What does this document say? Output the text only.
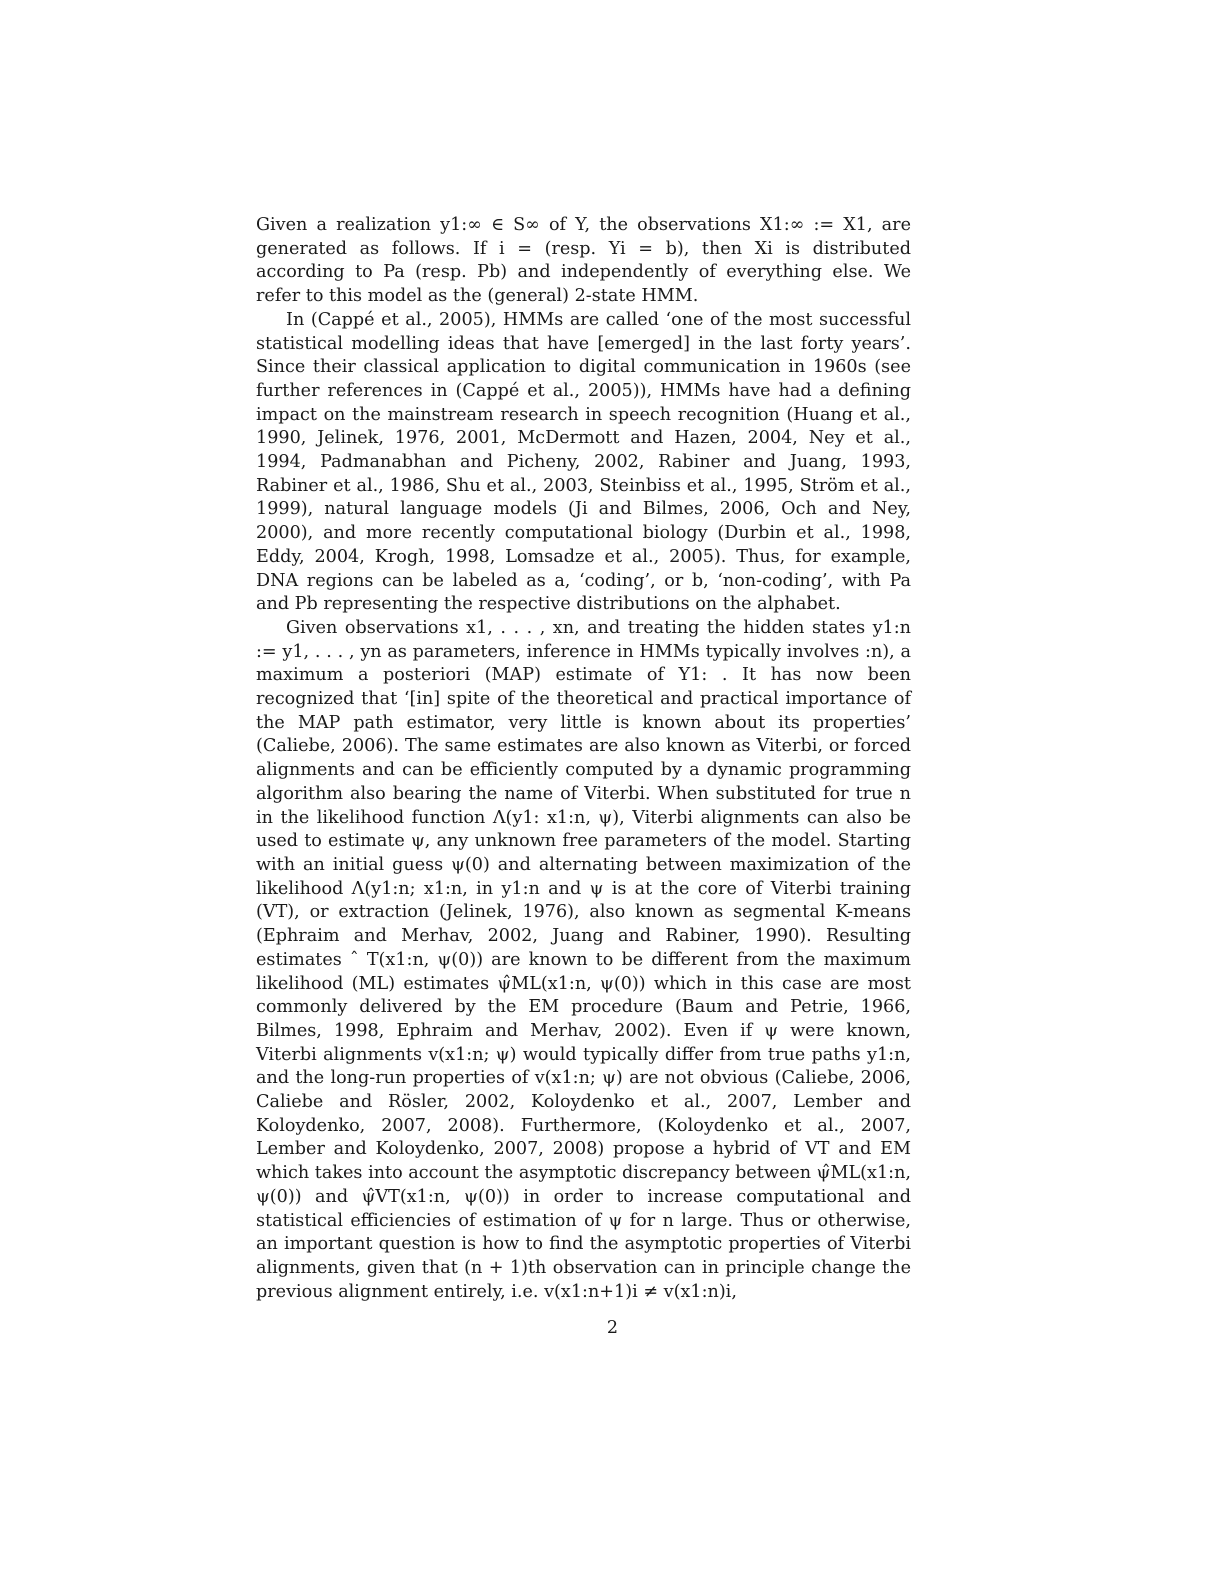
Given a realization y1:∞ ∈ S∞ of Y, the observations X1:∞ := X1, are generated as follows. If i = (resp. Yi = b), then Xi is distributed according to Pa (resp. Pb) and independently of everything else. We refer to this model as the (general) 2-state HMM.

In (Cappé et al., 2005), HMMs are called ‘one of the most successful statistical modelling ideas that have [emerged] in the last forty years’. Since their classical application to digital communication in 1960s (see further references in (Cappé et al., 2005)), HMMs have had a defining impact on the mainstream research in speech recognition (Huang et al., 1990, Jelinek, 1976, 2001, McDermott and Hazen, 2004, Ney et al., 1994, Padmanabhan and Picheny, 2002, Rabiner and Juang, 1993, Rabiner et al., 1986, Shu et al., 2003, Steinbiss et al., 1995, Ström et al., 1999), natural language models (Ji and Bilmes, 2006, Och and Ney, 2000), and more recently computational biology (Durbin et al., 1998, Eddy, 2004, Krogh, 1998, Lomsadze et al., 2005). Thus, for example, DNA regions can be labeled as a, ‘coding’, or b, ‘non-coding’, with Pa and Pb representing the respective distributions on the alphabet.

Given observations x1, . . . , xn, and treating the hidden states y1:n := y1, . . . , yn as parameters, inference in HMMs typically involves :n), a maximum a posteriori (MAP) estimate of Y1: . It has now been recognized that ‘[in] spite of the theoretical and practical importance of the MAP path estimator, very little is known about its properties’ (Caliebe, 2006). The same estimates are also known as Viterbi, or forced alignments and can be efficiently computed by a dynamic programming algorithm also bearing the name of Viterbi. When substituted for true n in the likelihood function Λ(y1: x1:n, ψ), Viterbi alignments can also be used to estimate ψ, any unknown free parameters of the model. Starting with an initial guess ψ(0) and alternating between maximization of the likelihood Λ(y1:n; x1:n, in y1:n and ψ is at the core of Viterbi training (VT), or extraction (Jelinek, 1976), also known as segmental K-means (Ephraim and Merhav, 2002, Juang and Rabiner, 1990). Resulting estimates ˆ T(x1:n, ψ(0)) are known to be different from the maximum likelihood (ML) estimates ψ̂ML(x1:n, ψ(0)) which in this case are most commonly delivered by the EM procedure (Baum and Petrie, 1966, Bilmes, 1998, Ephraim and Merhav, 2002). Even if ψ were known, Viterbi alignments v(x1:n; ψ) would typically differ from true paths y1:n, and the long-run properties of v(x1:n; ψ) are not obvious (Caliebe, 2006, Caliebe and Rösler, 2002, Koloydenko et al., 2007, Lember and Koloydenko, 2007, 2008). Furthermore, (Koloydenko et al., 2007, Lember and Koloydenko, 2007, 2008) propose a hybrid of VT and EM which takes into account the asymptotic discrepancy between ψ̂ML(x1:n, ψ(0)) and ψ̂VT(x1:n, ψ(0)) in order to increase computational and statistical efficiencies of estimation of ψ for n large. Thus or otherwise, an important question is how to find the asymptotic properties of Viterbi alignments, given that (n + 1)th observation can in principle change the previous alignment entirely, i.e. v(x1:n+1)i ≠ v(x1:n)i,

2
